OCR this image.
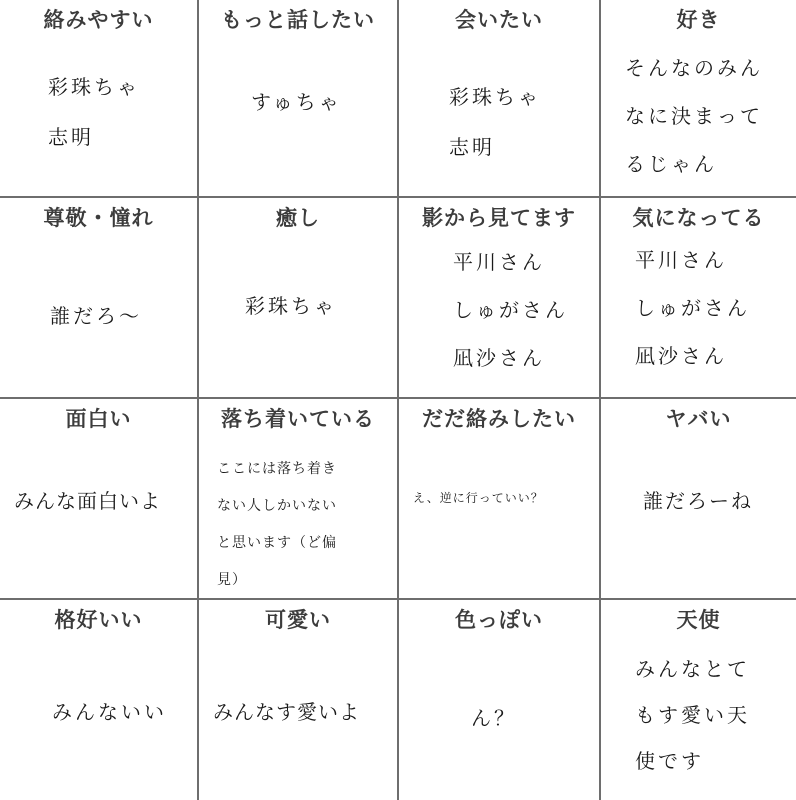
絡みやすい
彩珠ちゃ
志明
もっと話したい
すゅちゃ
会いたい
彩珠ちゃ
志明
好き
そんなのみん
なに決まって
るじゃん
尊敬・憧れ
誰だろ〜
癒し
彩珠ちゃ
影から見てます
平川さん
しゅがさん
凪沙さん
気になってる
平川さん
しゅがさん
凪沙さん
面白い
みんな面白いよ
落ち着いている
ここには落ち着き
ない人しかいない
と思います（ど偏
見）
だだ絡みしたい
え、逆に行っていい？
ヤバい
誰だろーね
格好いい
みんないい
可愛い
みんなす愛いよ
色っぽい
ん？
天使
みんなとて
もす愛い天
使です
